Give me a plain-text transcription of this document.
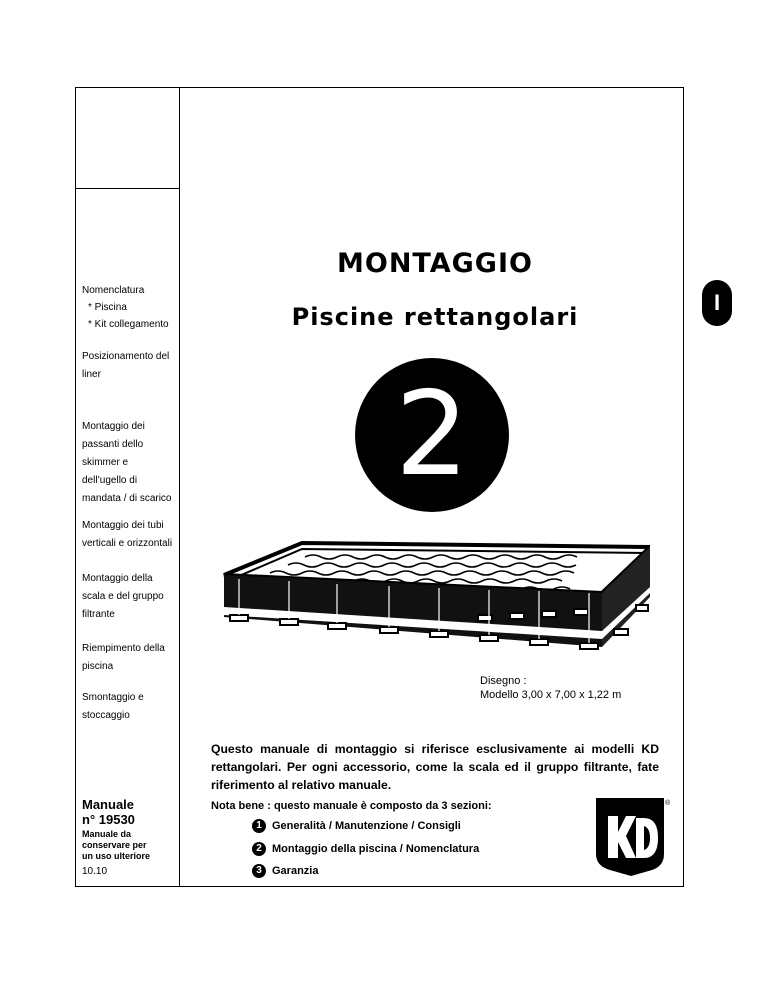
Nomenclatura
* Piscina
* Kit collegamento
Posizionamento del
liner
Montaggio dei
passanti dello
skimmer e
dell’ugello di
mandata / di scarico
Montaggio dei tubi
verticali e orizzontali
Montaggio della
scala e del gruppo
filtrante
Riempimento della
piscina
Smontaggio e
stoccaggio
MONTAGGIO
Piscine rettangolari
I
2
Disegno :
Modello 3,00 x 7,00 x 1,22 m
Questo manuale di montaggio si riferisce esclusivamente ai modelli KD rettangolari. Per ogni accessorio, come la scala ed il gruppo filtrante, fate riferimento al relativo manuale.
Manuale
n° 19530
Manuale da
conservare per
un uso ulteriore
10.10
Nota bene : questo manuale è composto da 3 sezioni:
1 Generalità / Manutenzione / Consigli
2 Montaggio della piscina / Nomenclatura
3 Garanzia
®
